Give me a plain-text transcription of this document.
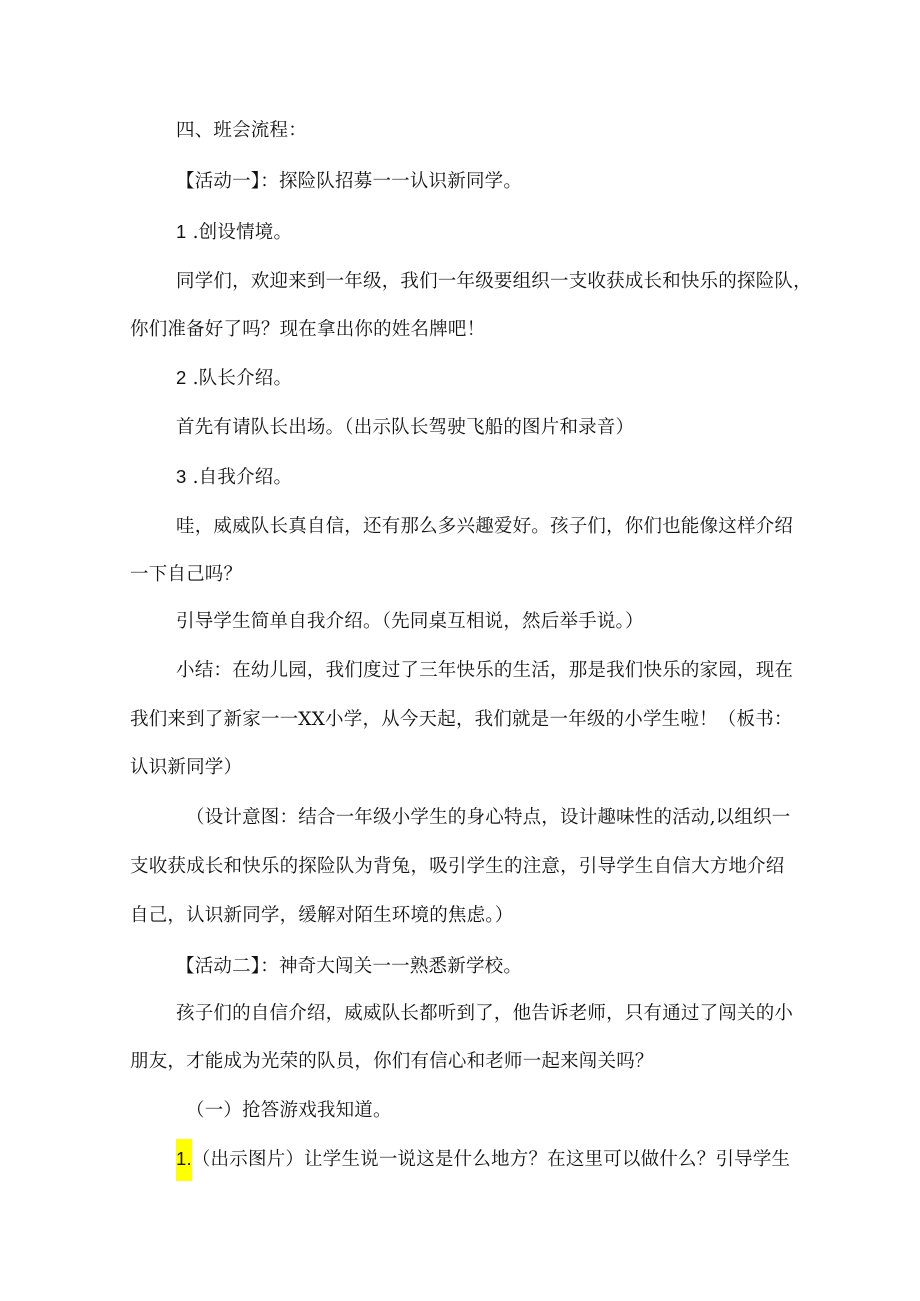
四、班会流程：
【活动一】：探险队招募一一认识新同学。
1 .创设情境。
同学们，欢迎来到一年级，我们一年级要组织一支收获成长和快乐的探险队，
你们准备好了吗？现在拿出你的姓名牌吧！
2 .队长介绍。
首先有请队长出场。（出示队长驾驶飞船的图片和录音）
3 .自我介绍。
哇，威威队长真自信，还有那么多兴趣爱好。孩子们，你们也能像这样介绍
一下自己吗？
引导学生简单自我介绍。（先同桌互相说，然后举手说。）
小结：在幼儿园，我们度过了三年快乐的生活，那是我们快乐的家园，现在
我们来到了新家一一XX小学，从今天起，我们就是一年级的小学生啦！（板书：
认识新同学）
（设计意图：结合一年级小学生的身心特点，设计趣味性的活动,以组织一
支收获成长和快乐的探险队为背兔，吸引学生的注意，引导学生自信大方地介绍
自己，认识新同学，缓解对陌生环境的焦虑。）
【活动二】：神奇大闯关一一熟悉新学校。
孩子们的自信介绍，威威队长都听到了，他告诉老师，只有通过了闯关的小
朋友，才能成为光荣的队员，你们有信心和老师一起来闯关吗？
（一）抢答游戏我知道。
1.（出示图片）让学生说一说这是什么地方？在这里可以做什么？引导学生
